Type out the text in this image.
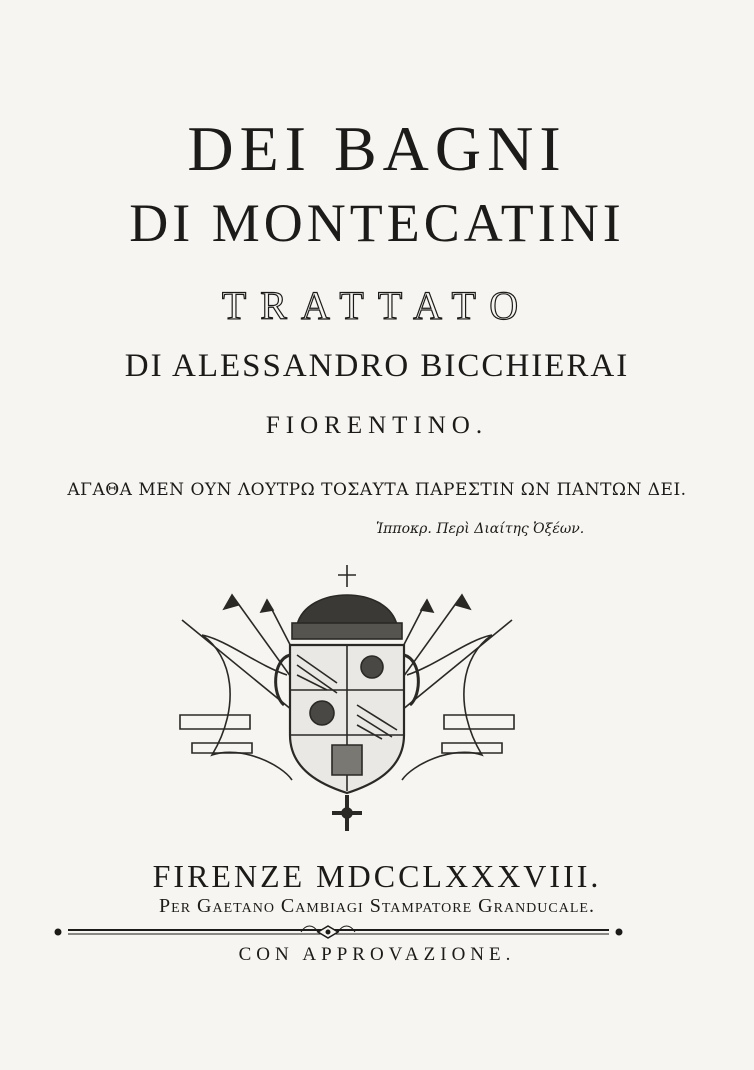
DEI BAGNI
DI MONTECATINI
TRATTATO
DI ALESSANDRO BICCHIERAI
FIORENTINO.
ΑΓΑΘΑ ΜΕΝ ΟΥΝ ΛΟΥΤΡΩ ΤΟΣΑΥΤΑ ΠΑΡΕΣΤΙΝ ΩΝ ΠΑΝΤΩΝ ΔΕΙ.
Ἱπποκρ. Περὶ Διαίτης Ὀξέων.
FIRENZE MDCCLXXXVIII.
Per Gaetano Cambiagi Stampatore Granducale.
CON APPROVAZIONE.
